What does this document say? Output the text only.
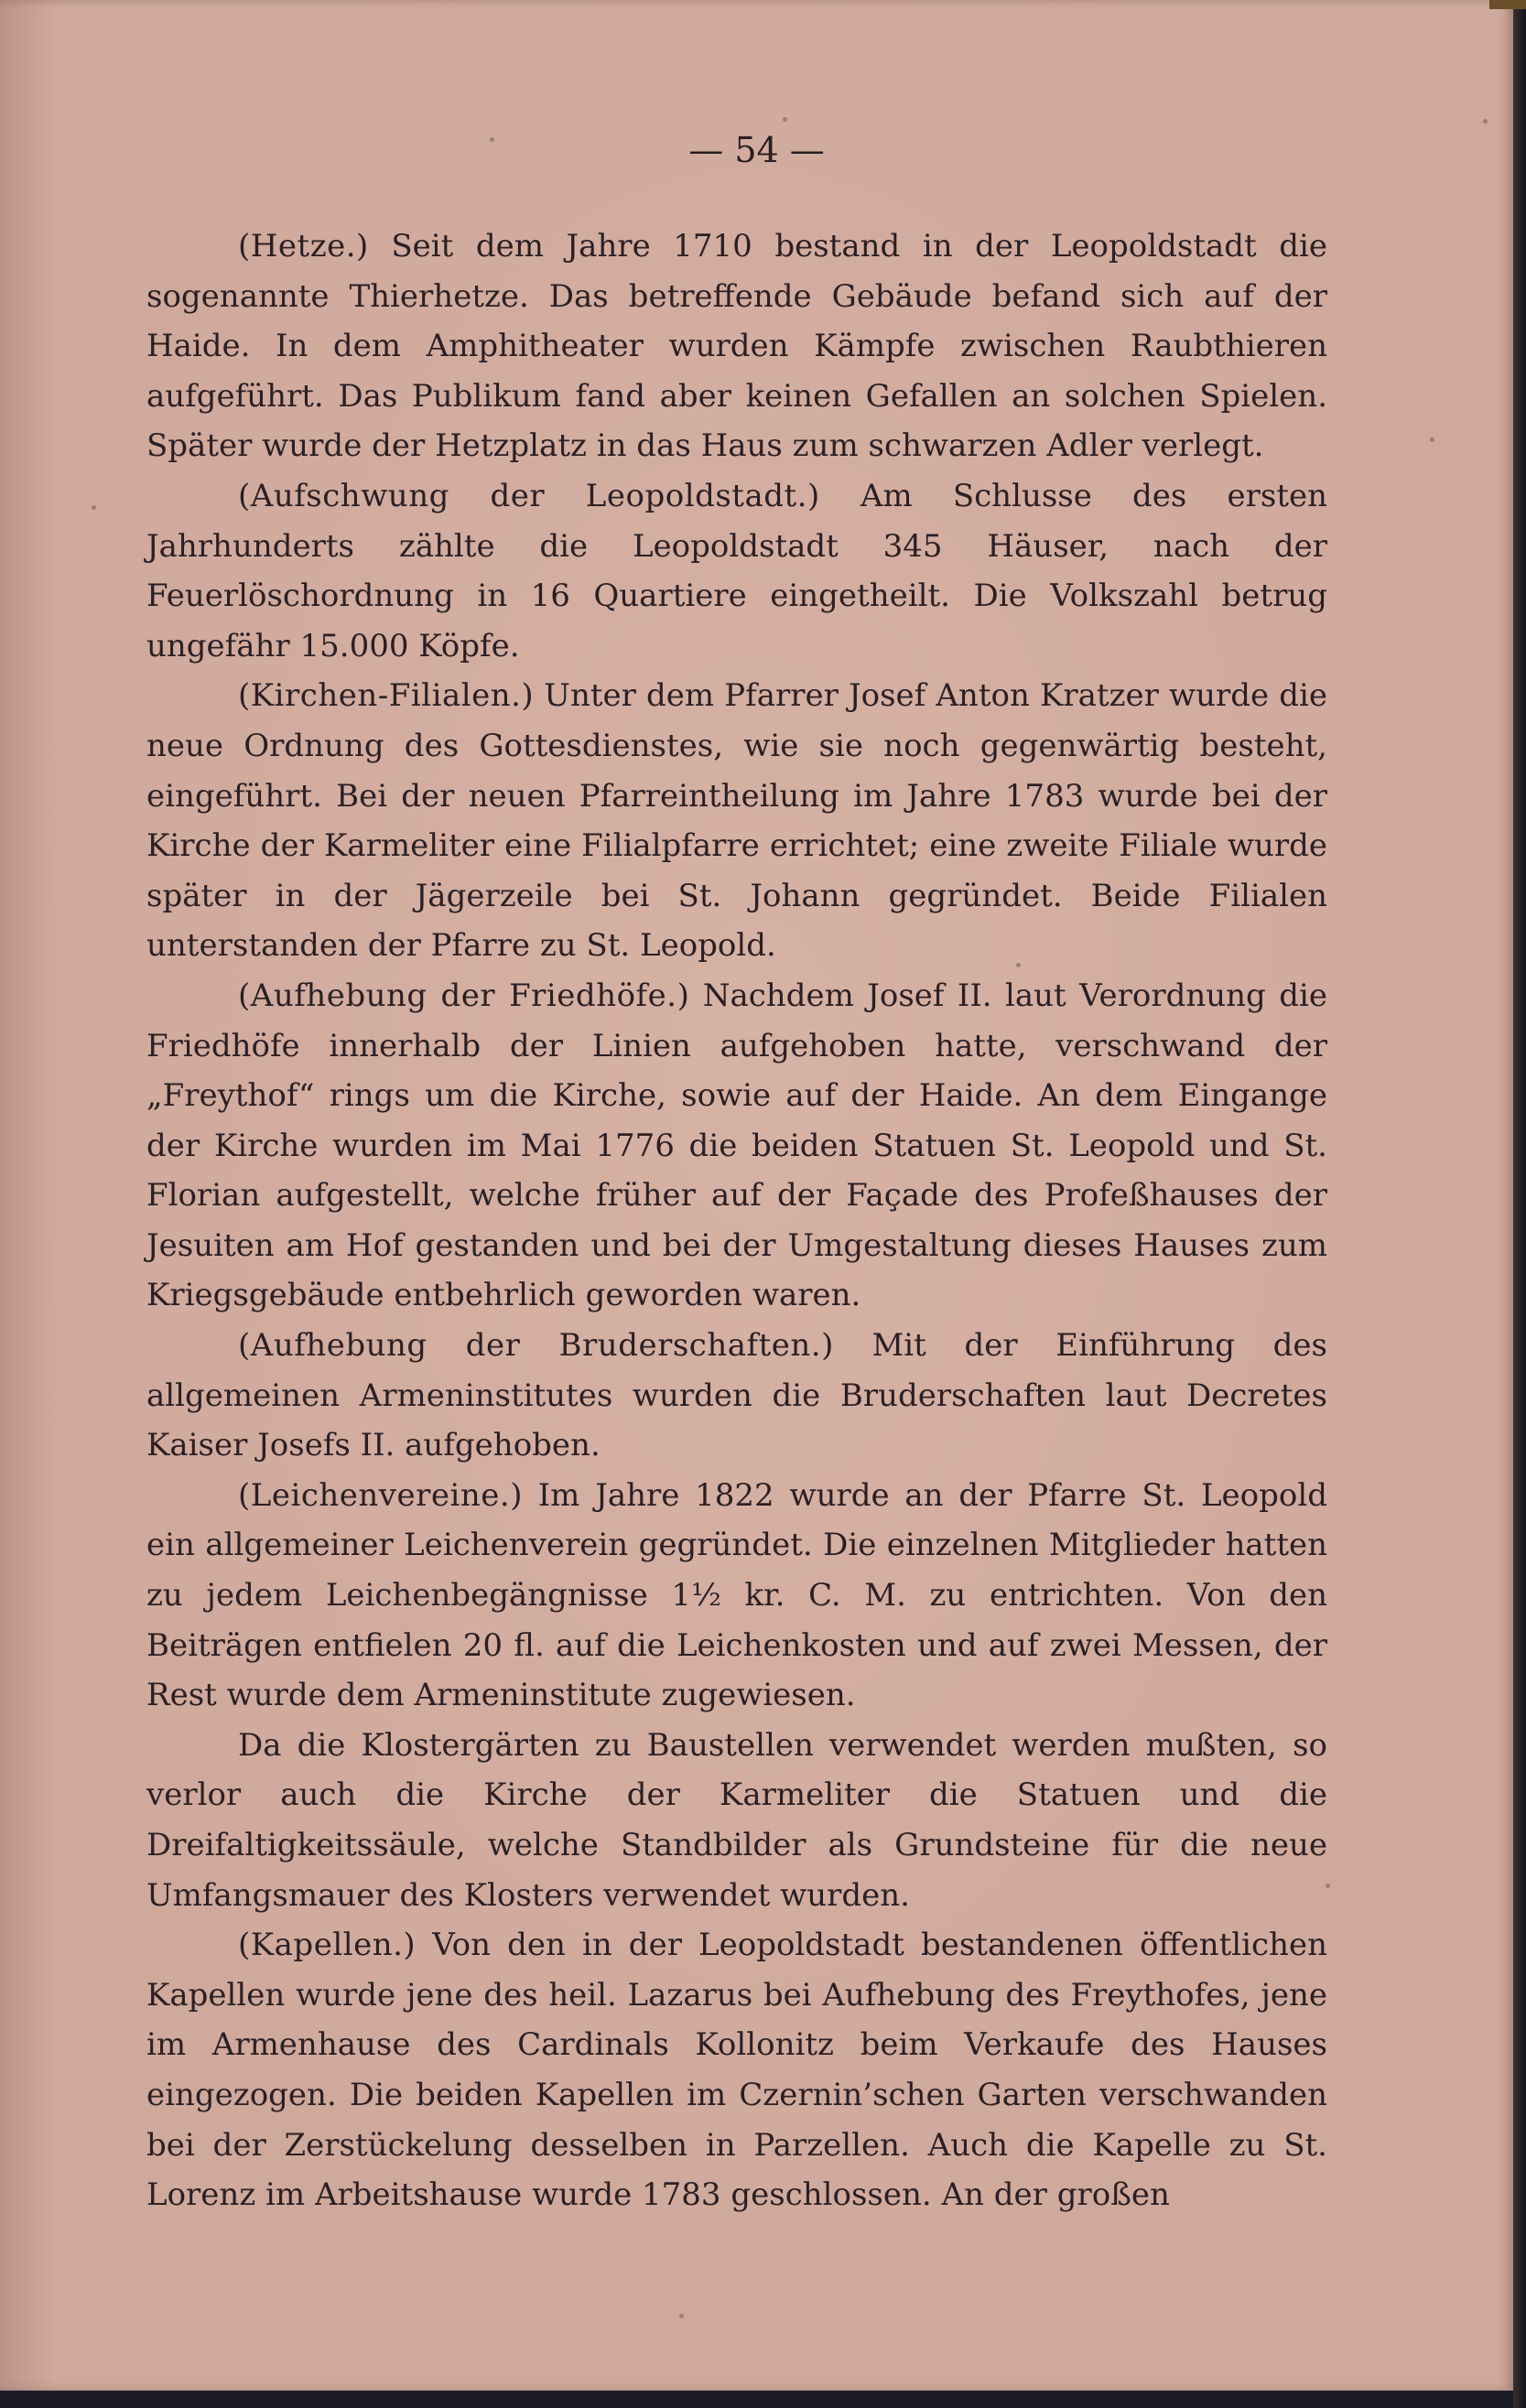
— 54 —

(Hetze.) Seit dem Jahre 1710 bestand in der Leopoldstadt die sogenannte Thierhetze. Das betreffende Gebäude befand sich auf der Haide. In dem Amphitheater wurden Kämpfe zwischen Raubthieren aufgeführt. Das Publikum fand aber keinen Gefallen an solchen Spielen. Später wurde der Hetzplatz in das Haus zum schwarzen Adler verlegt.

(Aufschwung der Leopoldstadt.) Am Schlusse des ersten Jahrhunderts zählte die Leopoldstadt 345 Häuser, nach der Feuerlöschordnung in 16 Quartiere eingetheilt. Die Volkszahl betrug ungefähr 15.000 Köpfe.

(Kirchen-Filialen.) Unter dem Pfarrer Josef Anton Kratzer wurde die neue Ordnung des Gottesdienstes, wie sie noch gegenwärtig besteht, eingeführt. Bei der neuen Pfarreintheilung im Jahre 1783 wurde bei der Kirche der Karmeliter eine Filialpfarre errichtet; eine zweite Filiale wurde später in der Jägerzeile bei St. Johann gegründet. Beide Filialen unterstanden der Pfarre zu St. Leopold.

(Aufhebung der Friedhöfe.) Nachdem Josef II. laut Verordnung die Friedhöfe innerhalb der Linien aufgehoben hatte, verschwand der „Freythof“ rings um die Kirche, sowie auf der Haide. An dem Eingange der Kirche wurden im Mai 1776 die beiden Statuen St. Leopold und St. Florian aufgestellt, welche früher auf der Façade des Profeßhauses der Jesuiten am Hof gestanden und bei der Umgestaltung dieses Hauses zum Kriegsgebäude entbehrlich geworden waren.

(Aufhebung der Bruderschaften.) Mit der Einführung des allgemeinen Armeninstitutes wurden die Bruderschaften laut Decretes Kaiser Josefs II. aufgehoben.

(Leichenvereine.) Im Jahre 1822 wurde an der Pfarre St. Leopold ein allgemeiner Leichenverein gegründet. Die einzelnen Mitglieder hatten zu jedem Leichenbegängnisse 1½ kr. C. M. zu entrichten. Von den Beiträgen entfielen 20 fl. auf die Leichenkosten und auf zwei Messen, der Rest wurde dem Armeninstitute zugewiesen.

Da die Klostergärten zu Baustellen verwendet werden mußten, so verlor auch die Kirche der Karmeliter die Statuen und die Dreifaltigkeitssäule, welche Standbilder als Grundsteine für die neue Umfangsmauer des Klosters verwendet wurden.

(Kapellen.) Von den in der Leopoldstadt bestandenen öffentlichen Kapellen wurde jene des heil. Lazarus bei Aufhebung des Freythofes, jene im Armenhause des Cardinals Kollonitz beim Verkaufe des Hauses eingezogen. Die beiden Kapellen im Czernin’schen Garten verschwanden bei der Zerstückelung desselben in Parzellen. Auch die Kapelle zu St. Lorenz im Arbeitshause wurde 1783 geschlossen. An der großen
